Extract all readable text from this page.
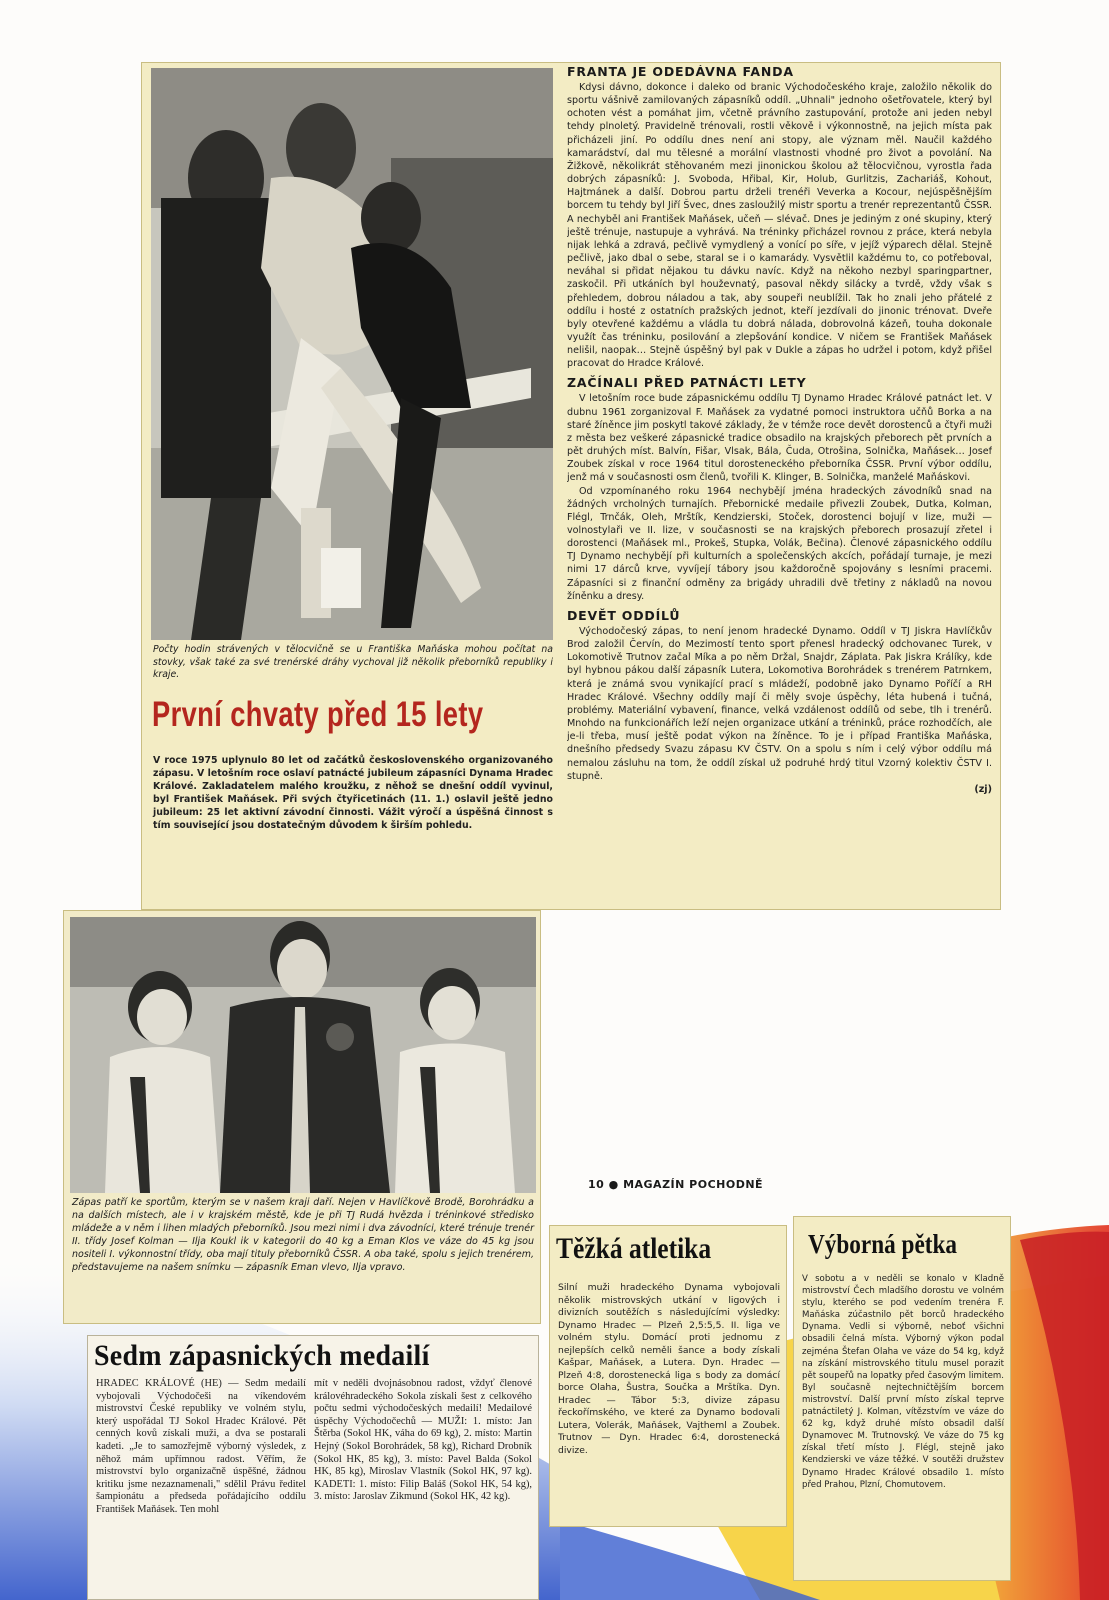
Počty hodin strávených v tělocvičně se u Františka Maňáska mohou počítat na stovky, však také za své trenérské dráhy vychoval již několik přeborníků republiky i kraje.
První chvaty před 15 lety
V roce 1975 uplynulo 80 let od začátků československého organizovaného zápasu. V letošním roce oslaví patnácté jubileum zápasníci Dynama Hradec Králové. Zakladatelem malého kroužku, z něhož se dnešní oddíl vyvinul, byl František Maňásek. Při svých čtyřicetinách (11. 1.) oslavil ještě jedno jubileum: 25 let aktivní závodní činnosti. Vážit výročí a úspěšná činnost s tím související jsou dostatečným důvodem k širším pohledu.
FRANTA JE ODEDÁVNA FANDA

Kdysi dávno, dokonce i daleko od branic Východočeského kraje, založilo několik do sportu vášnivě zamilovaných zápasníků oddíl. „Uhnali" jednoho ošetřovatele, který byl ochoten vést a pomáhat jim, včetně právního zastupování, protože ani jeden nebyl tehdy plnoletý. Pravidelně trénovali, rostli věkově i výkonnostně, na jejich místa pak přicházeli jiní. Po oddílu dnes není ani stopy, ale význam měl. Naučil každého kamarádství, dal mu tělesné a morální vlastnosti vhodné pro život a povolání. Na Žižkově, několikrát stěhovaném mezi jinonickou školou až tělocvičnou, vyrostla řada dobrých zápasníků: J. Svoboda, Hřibal, Kir, Holub, Gurlitzis, Zachariáš, Kohout, Hajtmánek a další. Dobrou partu drželi trenéři Veverka a Kocour, nejúspěšnějším borcem tu tehdy byl Jiří Švec, dnes zasloužilý mistr sportu a trenér reprezentantů ČSSR. A nechyběl ani František Maňásek, učeň — slévač. Dnes je jediným z oné skupiny, který ještě trénuje, nastupuje a vyhrává. Na tréninky přicházel rovnou z práce, která nebyla nijak lehká a zdravá, pečlivě vymydlený a vonící po síře, v jejíž výparech dělal. Stejně pečlivě, jako dbal o sebe, staral se i o kamarády. Vysvětlil každému to, co potřeboval, neváhal si přidat nějakou tu dávku navíc. Když na někoho nezbyl sparingpartner, zaskočil. Při utkáních byl houževnatý, pasoval někdy silácky a tvrdě, vždy však s přehledem, dobrou náladou a tak, aby soupeři neublížil. Tak ho znali jeho přátelé z oddílu i hosté z ostatních pražských jednot, kteří jezdívali do jinonic trénovat. Dveře byly otevřené každému a vládla tu dobrá nálada, dobrovolná kázeň, touha dokonale využít čas tréninku, posilování a zlepšování kondice. V ničem se František Maňásek nelišil, naopak… Stejně úspěšný byl pak v Dukle a zápas ho udržel i potom, když přišel pracovat do Hradce Králové.

ZAČÍNALI PŘED PATNÁCTI LETY

V letošním roce bude zápasnickému oddílu TJ Dynamo Hradec Králové patnáct let. V dubnu 1961 zorganizoval F. Maňásek za vydatné pomoci instruktora učňů Borka a na staré žíněnce jim poskytl takové základy, že v témže roce devět dorostenců a čtyři muži z města bez veškeré zápasnické tradice obsadilo na krajských přeborech pět prvních a pět druhých míst. Balvín, Fišar, Vlsak, Bála, Čuda, Otrošina, Solnička, Maňásek… Josef Zoubek získal v roce 1964 titul dorosteneckého přeborníka ČSSR. První výbor oddílu, jenž má v současnosti osm členů, tvořili K. Klinger, B. Solnička, manželé Maňáskovi.

Od vzpomínaného roku 1964 nechybějí jména hradeckých závodníků snad na žádných vrcholných turnajích. Přebornické medaile přivezli Zoubek, Dutka, Kolman, Flégl, Trnčák, Oleh, Mrštík, Kendzierski, Stoček, dorostenci bojují v lize, muži — volnostylaři ve II. lize, v současnosti se na krajských přeborech prosazují zřetel i dorostenci (Maňásek ml., Prokeš, Stupka, Volák, Bečina). Členové zápasnického oddílu TJ Dynamo nechybějí při kulturních a společenských akcích, pořádají turnaje, je mezi nimi 17 dárců krve, vyvíjejí tábory jsou každoročně spojovány s lesními pracemi. Zápasníci si z finanční odměny za brigády uhradili dvě třetiny z nákladů na novou žíněnku a dresy.

DEVĚT ODDÍLŮ

Východočeský zápas, to není jenom hradecké Dynamo. Oddíl v TJ Jiskra Havlíčkův Brod založil Červín, do Mezimostí tento sport přenesl hradecký odchovanec Turek, v Lokomotivě Trutnov začal Míka a po něm Držal, Snajdr, Záplata. Pak Jiskra Králíky, kde byl hybnou pákou další zápasník Lutera, Lokomotiva Borohrádek s trenérem Patrnkem, která je známá svou vynikající prací s mládeží, podobně jako Dynamo Poříčí a RH Hradec Králové. Všechny oddíly mají či měly svoje úspěchy, léta hubená i tučná, problémy. Materiální vybavení, finance, velká vzdálenost oddílů od sebe, tlh i trenérů. Mnohdo na funkcionářích leží nejen organizace utkání a tréninků, práce rozhodčích, ale je-li třeba, musí ještě podat výkon na žíněnce. To je i případ Františka Maňáska, dnešního předsedy Svazu zápasu KV ČSTV. On a spolu s ním i celý výbor oddílu má nemalou zásluhu na tom, že oddíl získal už podruhé hrdý titul Vzorný kolektiv ČSTV I. stupně.

(zj)
10 ● MAGAZÍN POCHODNĚ
Zápas patří ke sportům, kterým se v našem kraji daří. Nejen v Havlíčkově Brodě, Borohrádku a na dalších místech, ale i v krajském městě, kde je při TJ Rudá hvězda i tréninkové středisko mládeže a v něm i lihen mladých přeborníků. Jsou mezi nimi i dva závodníci, které trénuje trenér II. třídy Josef Kolman — Ilja Koukl ik v kategorii do 40 kg a Eman Klos ve váze do 45 kg jsou nositeli I. výkonnostní třídy, oba mají tituly přeborníků ČSSR. A oba také, spolu s jejich trenérem, představujeme na našem snímku — zápasník Eman vlevo, Ilja vpravo.
Sedm zápasnických medailí
HRADEC KRÁLOVÉ (HE) — Sedm medailí vybojovali Východočeši na víkendovém mistrovství České republiky ve volném stylu, který uspořádal TJ Sokol Hradec Králové. Pět cenných kovů získali muži, a dva se postarali kadeti. „Je to samozřejmě výborný výsledek, z něhož mám upřímnou radost. Věřím, že mistrovství bylo organizačně úspěšné, žádnou kritiku jsme nezaznamenali," sdělil Právu ředitel šampionátu a předseda pořádajícího oddílu František Maňásek. Ten mohl
mít v neděli dvojnásobnou radost, vždyť členové královéhradeckého Sokola získali šest z celkového počtu sedmi východočeských medailí! Medailové úspěchy Východočechů — MUŽI: 1. místo: Jan Štěrba (Sokol HK, váha do 69 kg), 2. místo: Martin Hejný (Sokol Borohrádek, 58 kg), Richard Drobník (Sokol HK, 85 kg), 3. místo: Pavel Balda (Sokol HK, 85 kg), Miroslav Vlastník (Sokol HK, 97 kg). KADETI: 1. místo: Filip Baláš (Sokol HK, 54 kg), 3. místo: Jaroslav Zikmund (Sokol HK, 42 kg).
Těžká atletika
Silní muži hradeckého Dynama vybojovali několik mistrovských utkání v ligových i divizních soutěžích s následujícími výsledky: Dynamo Hradec — Plzeň 2,5:5,5. II. liga ve volném stylu. Domácí proti jednomu z nejlepších celků neměli šance a body získali Kašpar, Maňásek, a Lutera. Dyn. Hradec — Plzeň 4:8, dorostenecká liga s body za domácí borce Olaha, Šustra, Součka a Mrštíka. Dyn. Hradec — Tábor 5:3, divize zápasu řeckořímského, ve které za Dynamo bodovali Lutera, Volerák, Maňásek, Vajtheml a Zoubek. Trutnov — Dyn. Hradec 6:4, dorostenecká divize.
Výborná pětka
V sobotu a v neděli se konalo v Kladně mistrovství Čech mladšího dorostu ve volném stylu, kterého se pod vedením trenéra F. Maňáska zúčastnilo pět borců hradeckého Dynama. Vedli si výborně, neboť všichni obsadili čelná místa. Výborný výkon podal zejména Štefan Olaha ve váze do 54 kg, když na získání mistrovského titulu musel porazit pět soupeřů na lopatky před časovým limitem. Byl současně nejtechničtějším borcem mistrovství. Další první místo získal teprve patnáctiletý J. Kolman, vítězstvím ve váze do 62 kg, když druhé místo obsadil další Dynamovec M. Trutnovský. Ve váze do 75 kg získal třetí místo J. Flégl, stejně jako Kendzierski ve váze těžké. V soutěži družstev Dynamo Hradec Králové obsadilo 1. místo před Prahou, Plzní, Chomutovem.
